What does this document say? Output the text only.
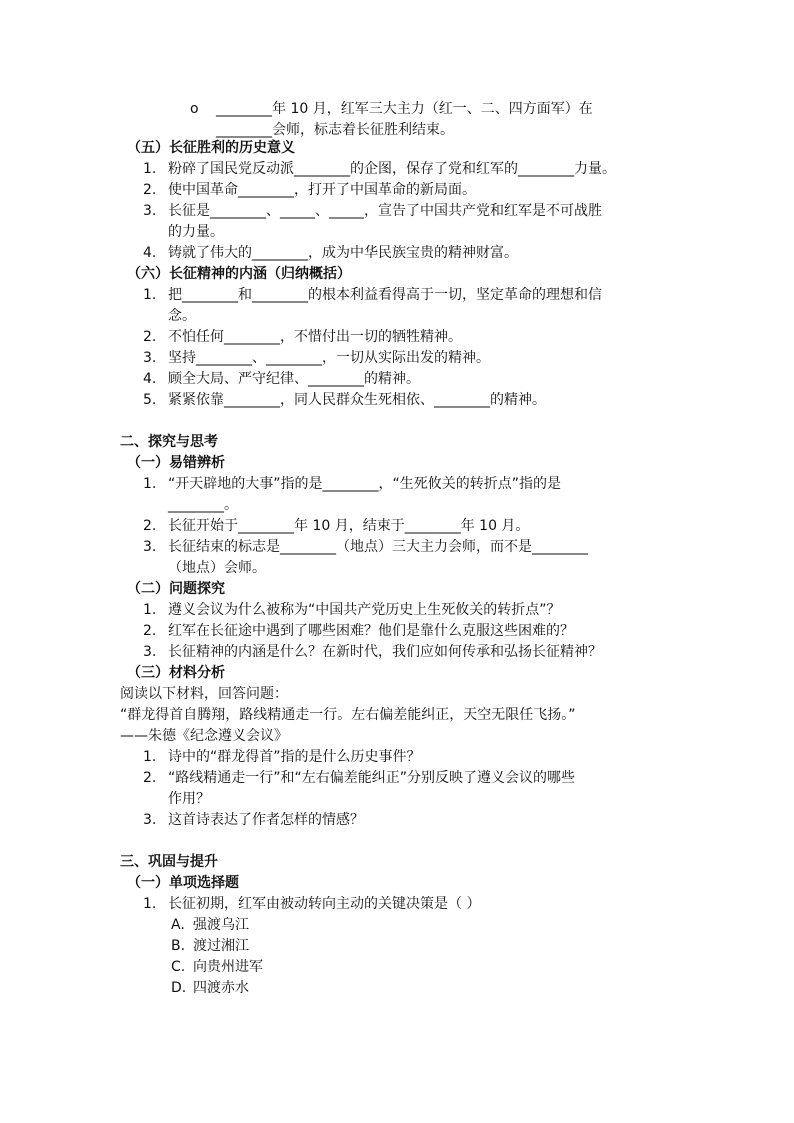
o	________年 10 月，红军三大主力（红一、二、四方面军）在
________会师，标志着长征胜利结束。
（五）长征胜利的历史意义
1. 粉碎了国民党反动派________的企图，保存了党和红军的________力量。
2. 使中国革命________，打开了中国革命的新局面。
3. 长征是________、_____、_____，宣告了中国共产党和红军是不可战胜
的力量。
4. 铸就了伟大的________，成为中华民族宝贵的精神财富。
（六）长征精神的内涵（归纳概括）
1. 把________和________的根本利益看得高于一切，坚定革命的理想和信
念。
2. 不怕任何________，不惜付出一切的牺牲精神。
3. 坚持________、________，一切从实际出发的精神。
4. 顾全大局、严守纪律、________的精神。
5. 紧紧依靠________，同人民群众生死相依、________的精神。
二、探究与思考
（一）易错辨析
1. “开天辟地的大事”指的是________，“生死攸关的转折点”指的是
________。
2. 长征开始于________年 10 月，结束于________年 10 月。
3. 长征结束的标志是________（地点）三大主力会师，而不是________
（地点）会师。
（二）问题探究
1. 遵义会议为什么被称为“中国共产党历史上生死攸关的转折点”？
2. 红军在长征途中遇到了哪些困难？他们是靠什么克服这些困难的？
3. 长征精神的内涵是什么？在新时代，我们应如何传承和弘扬长征精神？
（三）材料分析
阅读以下材料，回答问题：
“群龙得首自腾翔，路线精通走一行。左右偏差能纠正，天空无限任飞扬。”
——朱德《纪念遵义会议》
1. 诗中的“群龙得首”指的是什么历史事件？
2. “路线精通走一行”和“左右偏差能纠正”分别反映了遵义会议的哪些
作用？
3. 这首诗表达了作者怎样的情感？
三、巩固与提升
（一）单项选择题
1. 长征初期，红军由被动转向主动的关键决策是（ ）
A. 强渡乌江
B. 渡过湘江
C. 向贵州进军
D. 四渡赤水
